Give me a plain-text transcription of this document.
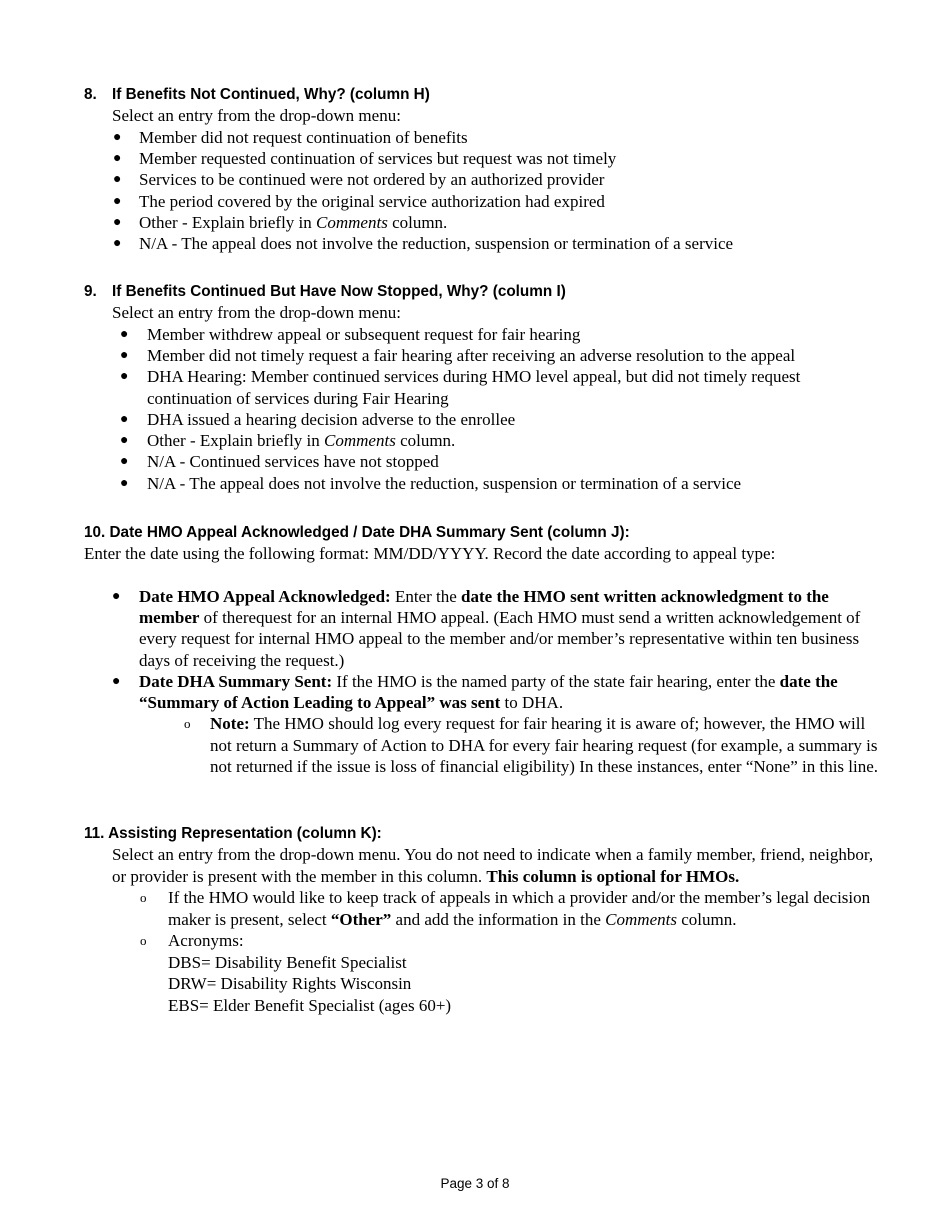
8. If Benefits Not Continued, Why? (column H)

Select an entry from the drop-down menu:

● Member did not request continuation of benefits
● Member requested continuation of services but request was not timely
● Services to be continued were not ordered by an authorized provider
● The period covered by the original service authorization had expired
● Other - Explain briefly in Comments column.
● N/A - The appeal does not involve the reduction, suspension or termination of a service
9. If Benefits Continued But Have Now Stopped, Why? (column I)

Select an entry from the drop-down menu:

● Member withdrew appeal or subsequent request for fair hearing
● Member did not timely request a fair hearing after receiving an adverse resolution to the appeal
● DHA Hearing: Member continued services during HMO level appeal, but did not timely request continuation of services during Fair Hearing
● DHA issued a hearing decision adverse to the enrollee
● Other - Explain briefly in Comments column.
● N/A - Continued services have not stopped
● N/A - The appeal does not involve the reduction, suspension or termination of a service
10. Date HMO Appeal Acknowledged / Date DHA Summary Sent (column J):

Enter the date using the following format: MM/DD/YYYY. Record the date according to appeal type:

● Date HMO Appeal Acknowledged: Enter the date the HMO sent written acknowledgment to the member of therequest for an internal HMO appeal. (Each HMO must send a written acknowledgement of every request for internal HMO appeal to the member and/or member’s representative within ten business days of receiving the request.)
● Date DHA Summary Sent: If the HMO is the named party of the state fair hearing, enter the date the “Summary of Action Leading to Appeal” was sent to DHA.
o Note: The HMO should log every request for fair hearing it is aware of; however, the HMO will not return a Summary of Action to DHA for every fair hearing request (for example, a summary is not returned if the issue is loss of financial eligibility) In these instances, enter “None” in this line.
11. Assisting Representation (column K):

Select an entry from the drop-down menu. You do not need to indicate when a family member, friend, neighbor, or provider is present with the member in this column. This column is optional for HMOs.

o If the HMO would like to keep track of appeals in which a provider and/or the member’s legal decision maker is present, select “Other” and add the information in the Comments column.
o Acronyms:
DBS= Disability Benefit Specialist
DRW= Disability Rights Wisconsin
EBS= Elder Benefit Specialist (ages 60+)
Page 3 of 8
